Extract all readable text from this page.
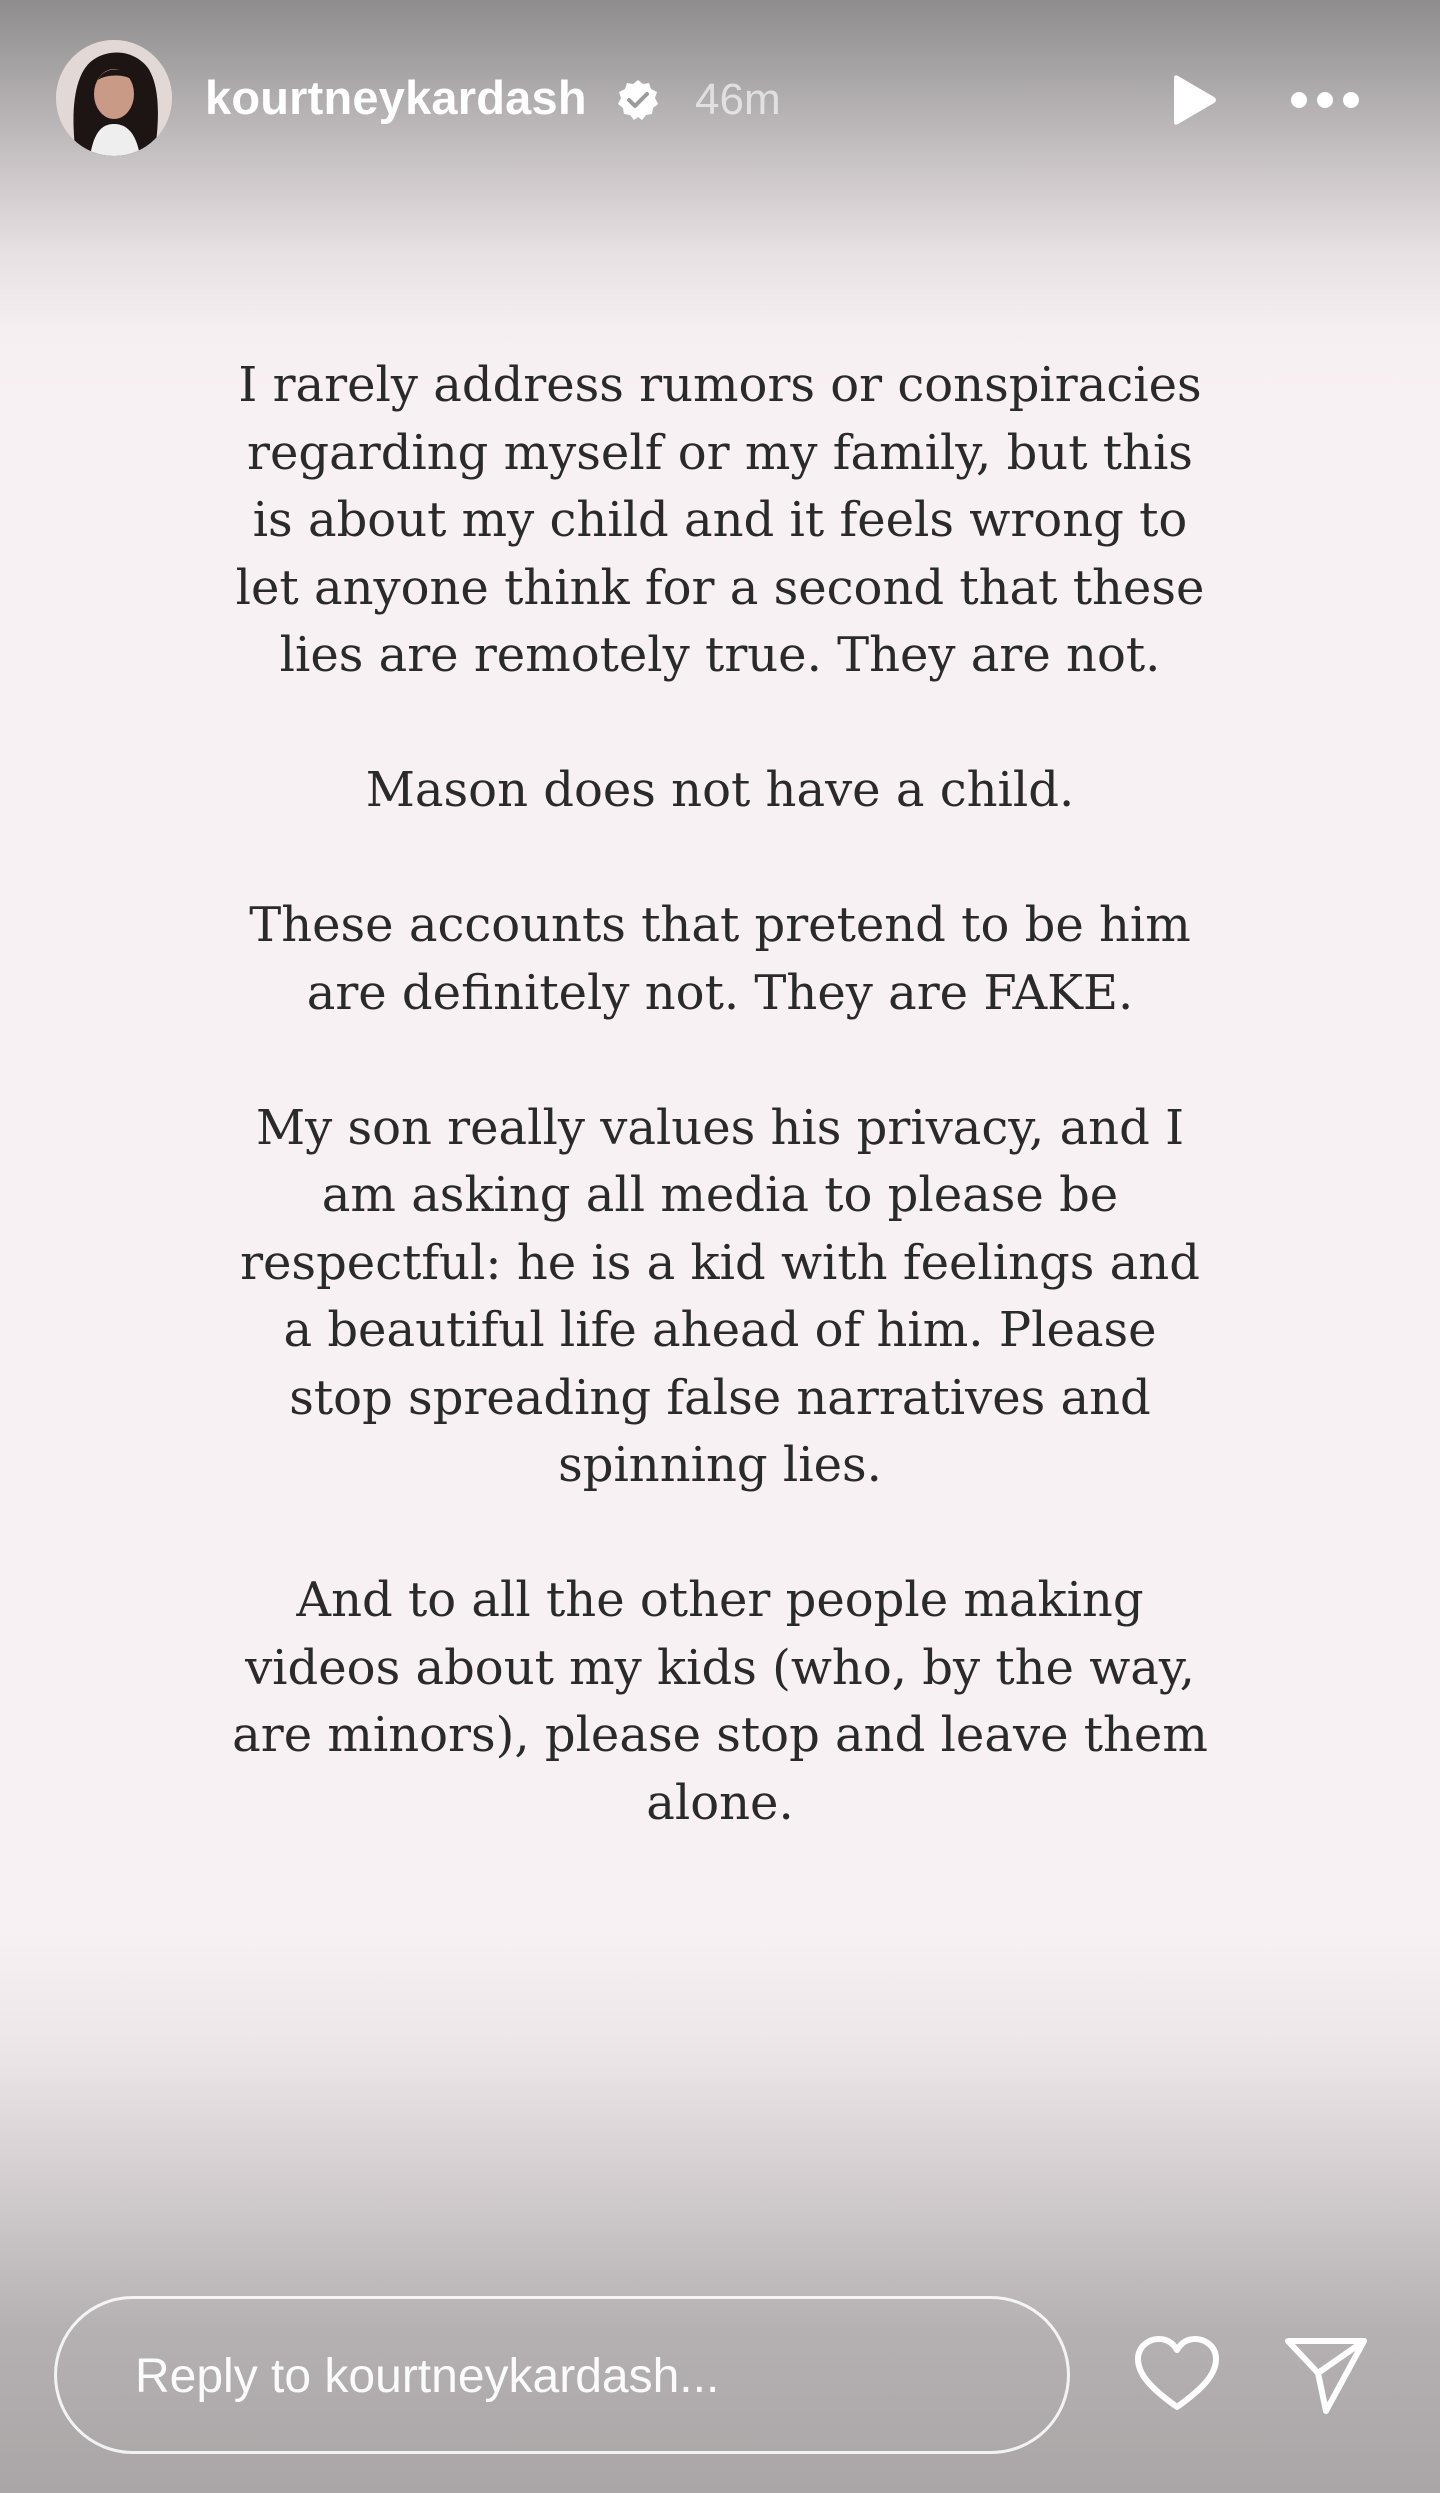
kourtneykardash 46m

I rarely address rumors or conspiracies regarding myself or my family, but this is about my child and it feels wrong to let anyone think for a second that these lies are remotely true. They are not.

Mason does not have a child.

These accounts that pretend to be him are definitely not. They are FAKE.

My son really values his privacy, and I am asking all media to please be respectful: he is a kid with feelings and a beautiful life ahead of him. Please stop spreading false narratives and spinning lies.

And to all the other people making videos about my kids (who, by the way, are minors), please stop and leave them alone.

Reply to kourtneykardash...
